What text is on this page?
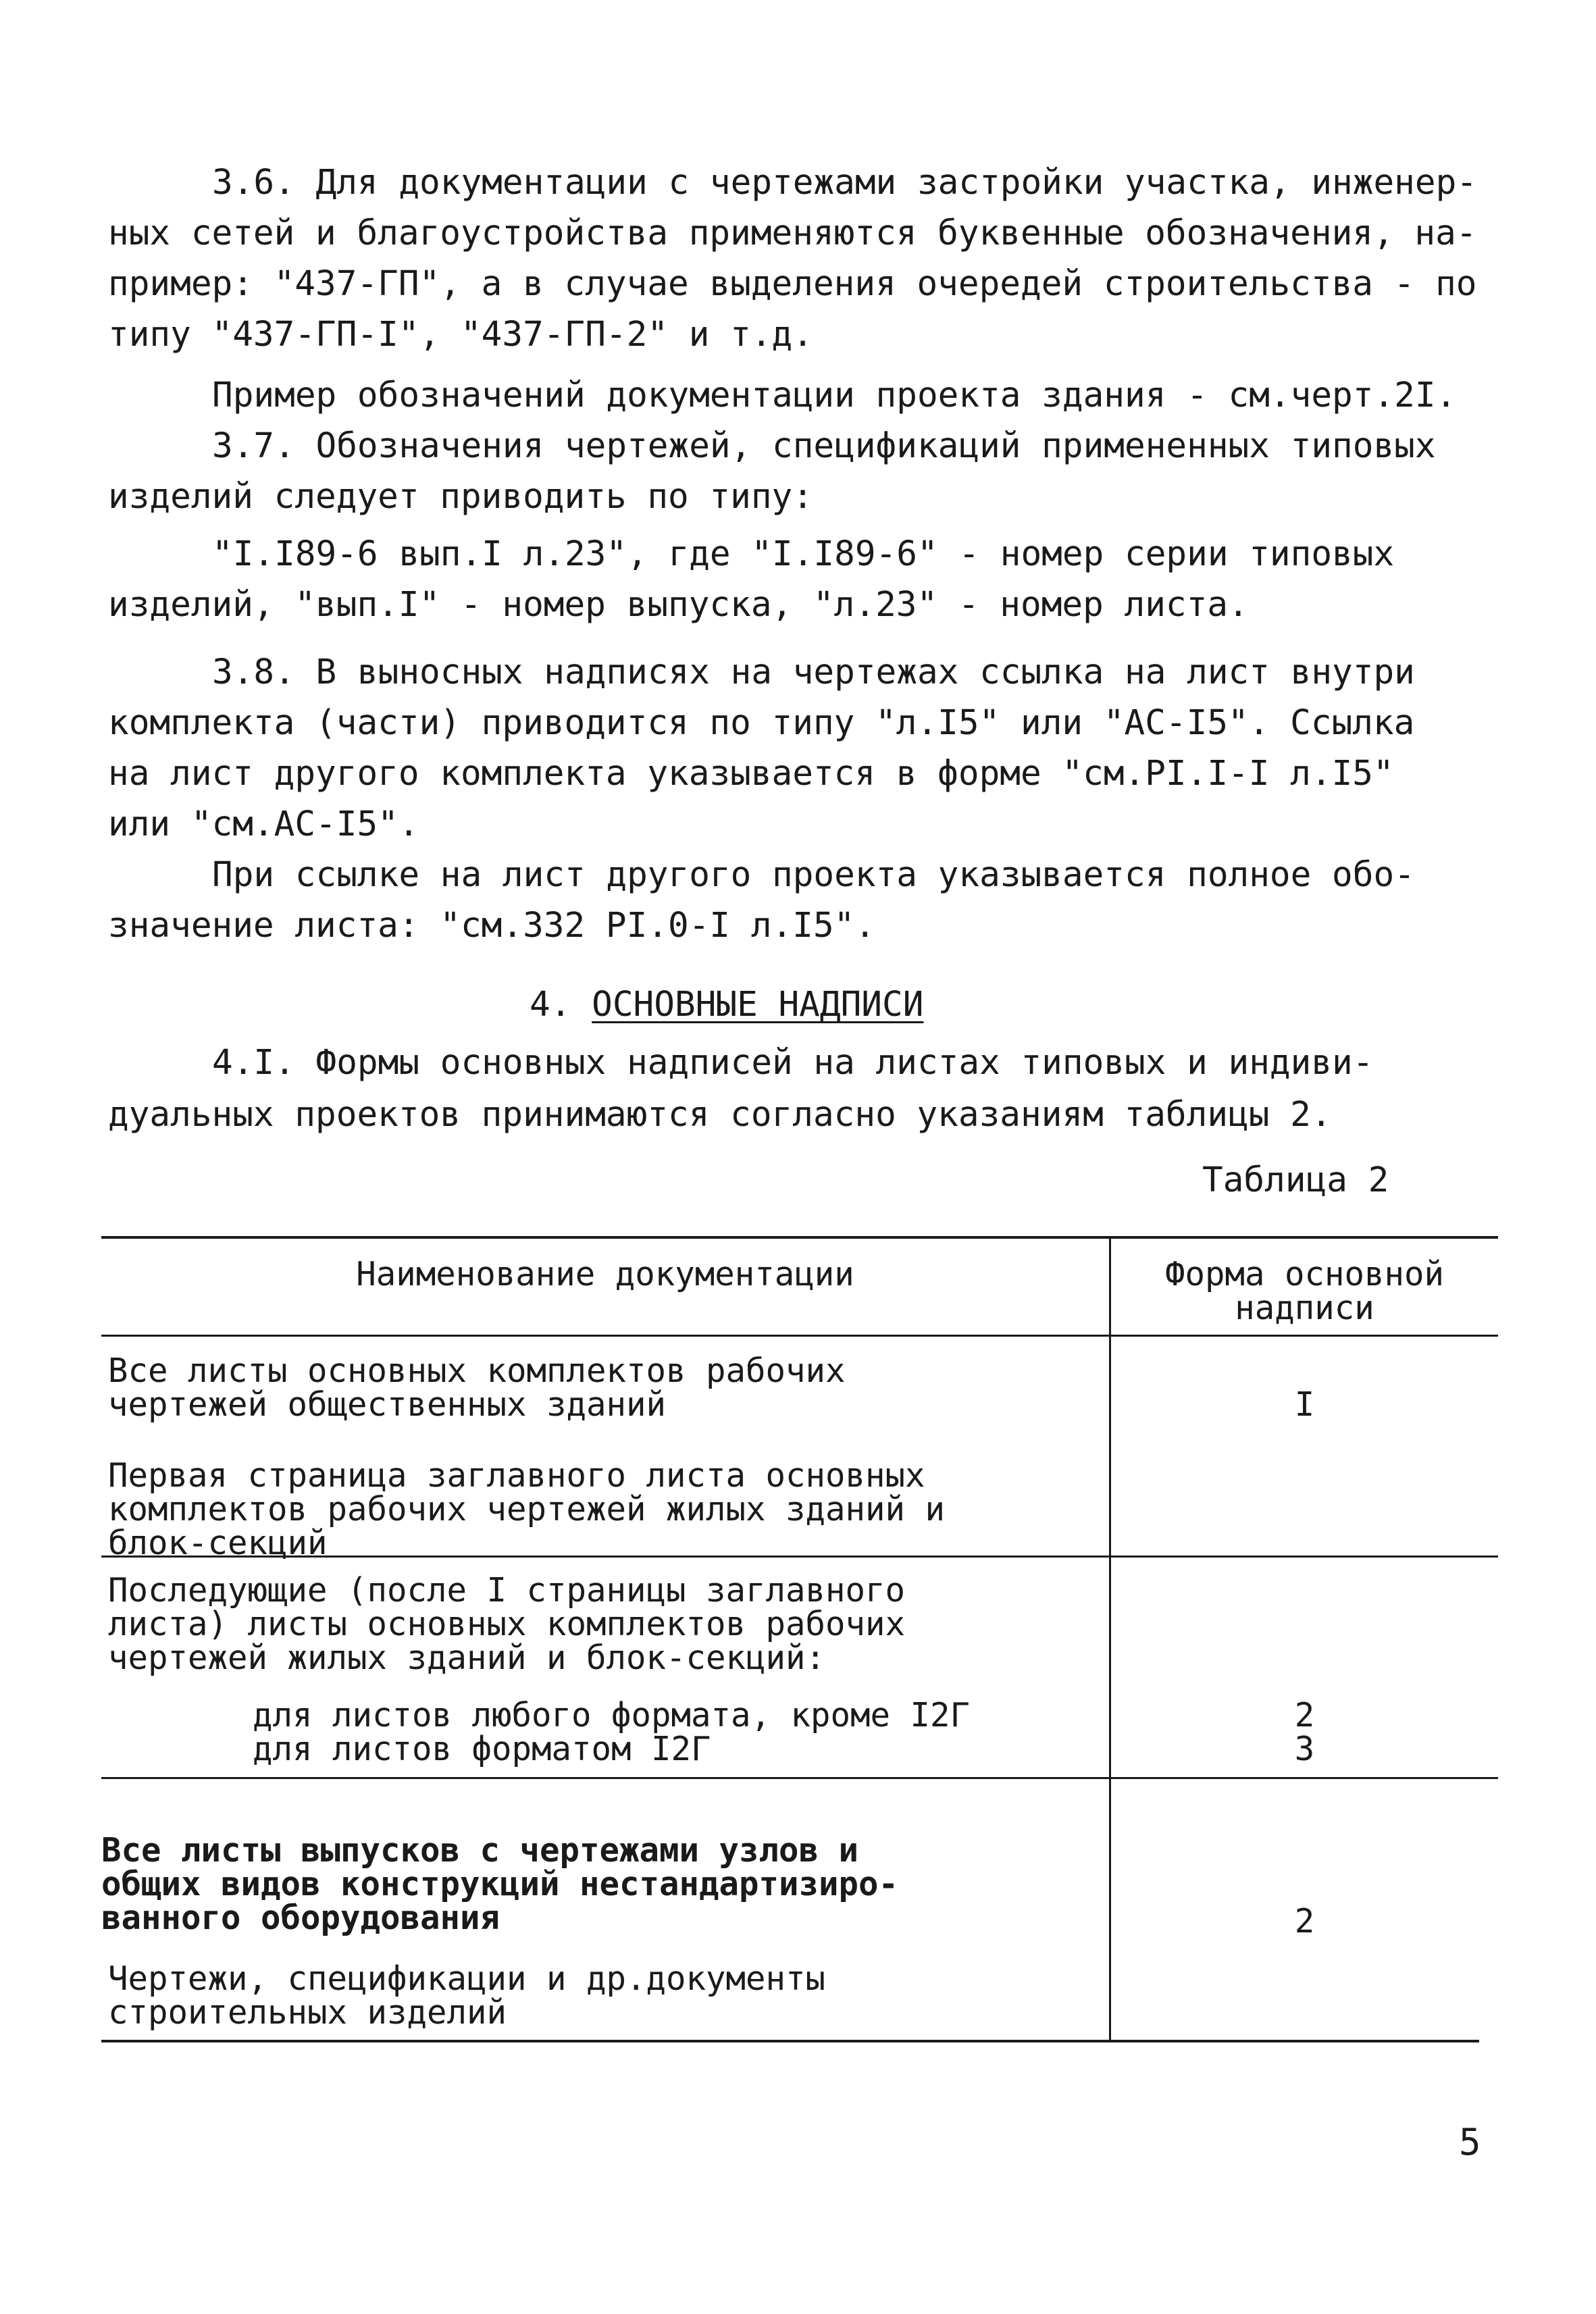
3.6. Для документации с чертежами застройки участка, инженер-
ных сетей и благоустройства применяются буквенные обозначения, на-
пример: "437-ГП", а в случае выделения очередей строительства - по
типу "437-ГП-I", "437-ГП-2" и т.д.
Пример обозначений документации проекта здания - см.черт.2I.
3.7. Обозначения чертежей, спецификаций примененных типовых
изделий следует приводить по типу:
"I.I89-6 вып.I л.23", где "I.I89-6" - номер серии типовых
изделий, "вып.I" - номер выпуска, "л.23" - номер листа.
3.8. В выносных надписях на чертежах ссылка на лист внутри
комплекта (части) приводится по типу "л.I5" или "АС-I5". Ссылка
на лист другого комплекта указывается в форме "см.РI.I-I л.I5"
или "см.АС-I5".
При ссылке на лист другого проекта указывается полное обо-
значение листа: "см.332 РI.0-I л.I5".
4. ОСНОВНЫЕ НАДПИСИ
4.I. Формы основных надписей на листах типовых и индиви-
дуальных проектов принимаются согласно указаниям таблицы 2.
Таблица 2
Наименование документации	Форма основной
надписи
Все листы основных комплектов рабочих
чертежей общественных зданий
Первая страница заглавного листа основных
комплектов рабочих чертежей жилых зданий и
блок-секций
I
Последующие (после I страницы заглавного
листа) листы основных комплектов рабочих
чертежей жилых зданий и блок-секций:
для листов любого формата, кроме I2Г
для листов форматом I2Г
2
3
Все листы выпусков с чертежами узлов и
общих видов конструкций нестандартизиро-
ванного оборудования
Чертежи, спецификации и др.документы
строительных изделий
2
5
